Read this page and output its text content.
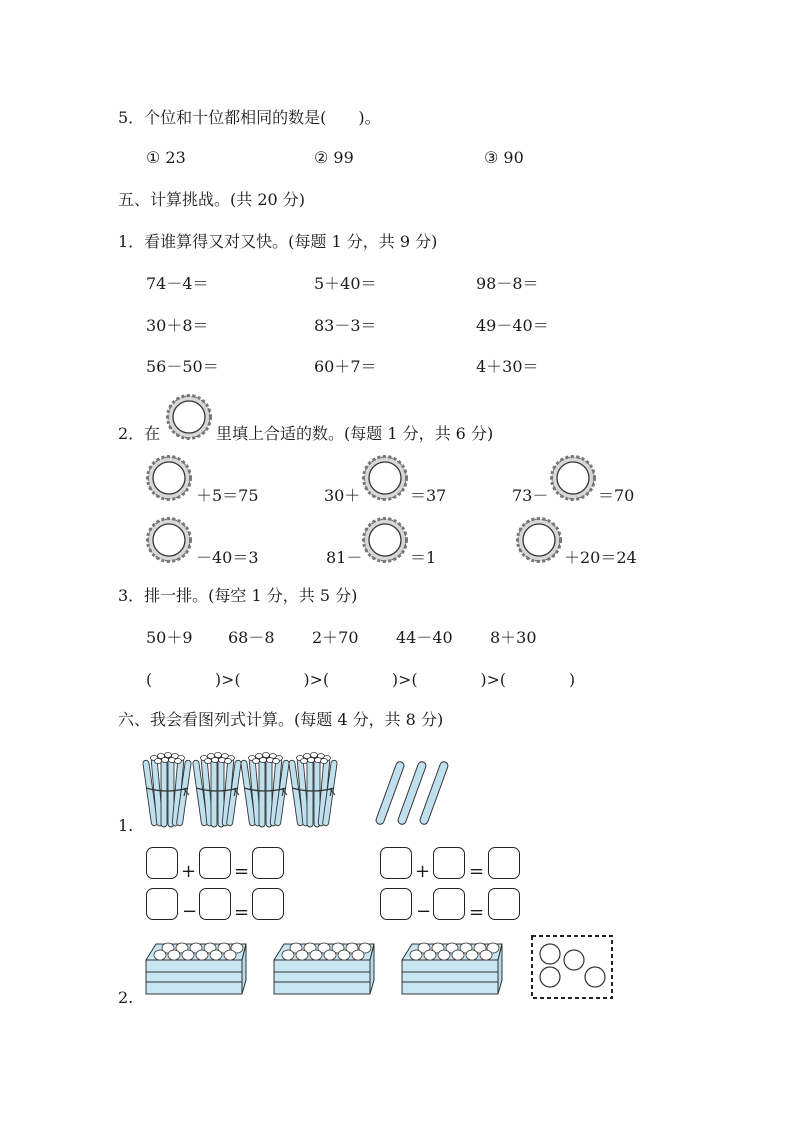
5．个位和十位都相同的数是(　　)。
① 23	② 99	③ 90
五、计算挑战。(共 20 分)
1．看谁算得又对又快。(每题 1 分，共 9 分)
74－4＝	5＋40＝	98－8＝
30＋8＝	83－3＝	49－40＝
56－50＝	60＋7＝	4＋30＝
2．在	里填上合适的数。(每题 1 分，共 6 分)
＋5＝75	30＋	＝37	73－	＝70
－40＝3	81－	＝1	＋20＝24
3．排一排。(每空 1 分，共 5 分)
50＋9 68－8 2＋70 44－40 8＋30
(　　　　)>(　　　　)>(　　　　)>(　　　　)>(　　　　)
六、我会看图列式计算。(每题 4 分，共 8 分)
1.
+ =
− =
+ =
− =
2.
